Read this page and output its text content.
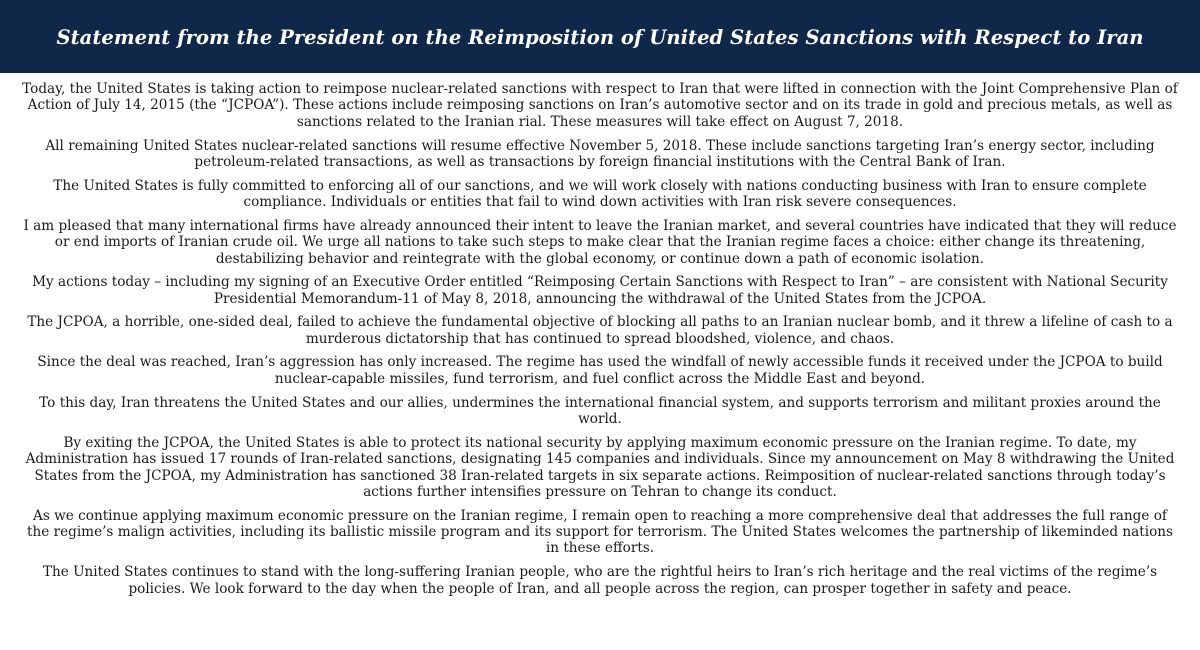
Statement from the President on the Reimposition of United States Sanctions with Respect to Iran

Today, the United States is taking action to reimpose nuclear-related sanctions with respect to Iran that were lifted in connection with the Joint Comprehensive Plan of Action of July 14, 2015 (the “JCPOA”). These actions include reimposing sanctions on Iran’s automotive sector and on its trade in gold and precious metals, as well as sanctions related to the Iranian rial. These measures will take effect on August 7, 2018.

All remaining United States nuclear-related sanctions will resume effective November 5, 2018. These include sanctions targeting Iran’s energy sector, including petroleum-related transactions, as well as transactions by foreign financial institutions with the Central Bank of Iran.

The United States is fully committed to enforcing all of our sanctions, and we will work closely with nations conducting business with Iran to ensure complete compliance. Individuals or entities that fail to wind down activities with Iran risk severe consequences.

I am pleased that many international firms have already announced their intent to leave the Iranian market, and several countries have indicated that they will reduce or end imports of Iranian crude oil. We urge all nations to take such steps to make clear that the Iranian regime faces a choice: either change its threatening, destabilizing behavior and reintegrate with the global economy, or continue down a path of economic isolation.

My actions today – including my signing of an Executive Order entitled “Reimposing Certain Sanctions with Respect to Iran” – are consistent with National Security Presidential Memorandum-11 of May 8, 2018, announcing the withdrawal of the United States from the JCPOA.

The JCPOA, a horrible, one-sided deal, failed to achieve the fundamental objective of blocking all paths to an Iranian nuclear bomb, and it threw a lifeline of cash to a murderous dictatorship that has continued to spread bloodshed, violence, and chaos.

Since the deal was reached, Iran’s aggression has only increased. The regime has used the windfall of newly accessible funds it received under the JCPOA to build nuclear-capable missiles, fund terrorism, and fuel conflict across the Middle East and beyond.

To this day, Iran threatens the United States and our allies, undermines the international financial system, and supports terrorism and militant proxies around the world.

By exiting the JCPOA, the United States is able to protect its national security by applying maximum economic pressure on the Iranian regime. To date, my Administration has issued 17 rounds of Iran-related sanctions, designating 145 companies and individuals. Since my announcement on May 8 withdrawing the United States from the JCPOA, my Administration has sanctioned 38 Iran-related targets in six separate actions. Reimposition of nuclear-related sanctions through today’s actions further intensifies pressure on Tehran to change its conduct.

As we continue applying maximum economic pressure on the Iranian regime, I remain open to reaching a more comprehensive deal that addresses the full range of the regime’s malign activities, including its ballistic missile program and its support for terrorism. The United States welcomes the partnership of likeminded nations in these efforts.

The United States continues to stand with the long-suffering Iranian people, who are the rightful heirs to Iran’s rich heritage and the real victims of the regime’s policies. We look forward to the day when the people of Iran, and all people across the region, can prosper together in safety and peace.
